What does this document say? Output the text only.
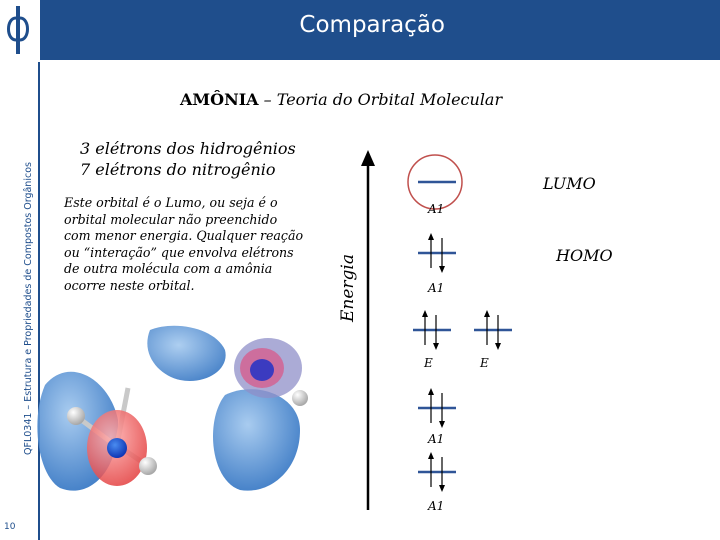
QFL0341 – Estrutura e Propriedades de Compostos Orgânicos
10
Comparação
AMÔNIA – Teoria do Orbital Molecular
3 elétrons dos hidrogênios
7 elétrons do nitrogênio
Este orbital é o Lumo, ou seja é o orbital molecular não preenchido com menor energia. Qualquer reação ou “interação” que envolva elétrons de outra molécula com a amônia ocorre neste orbital.	Energia
LUMO
HOMO
A1
A1
E	E
A1
A1
